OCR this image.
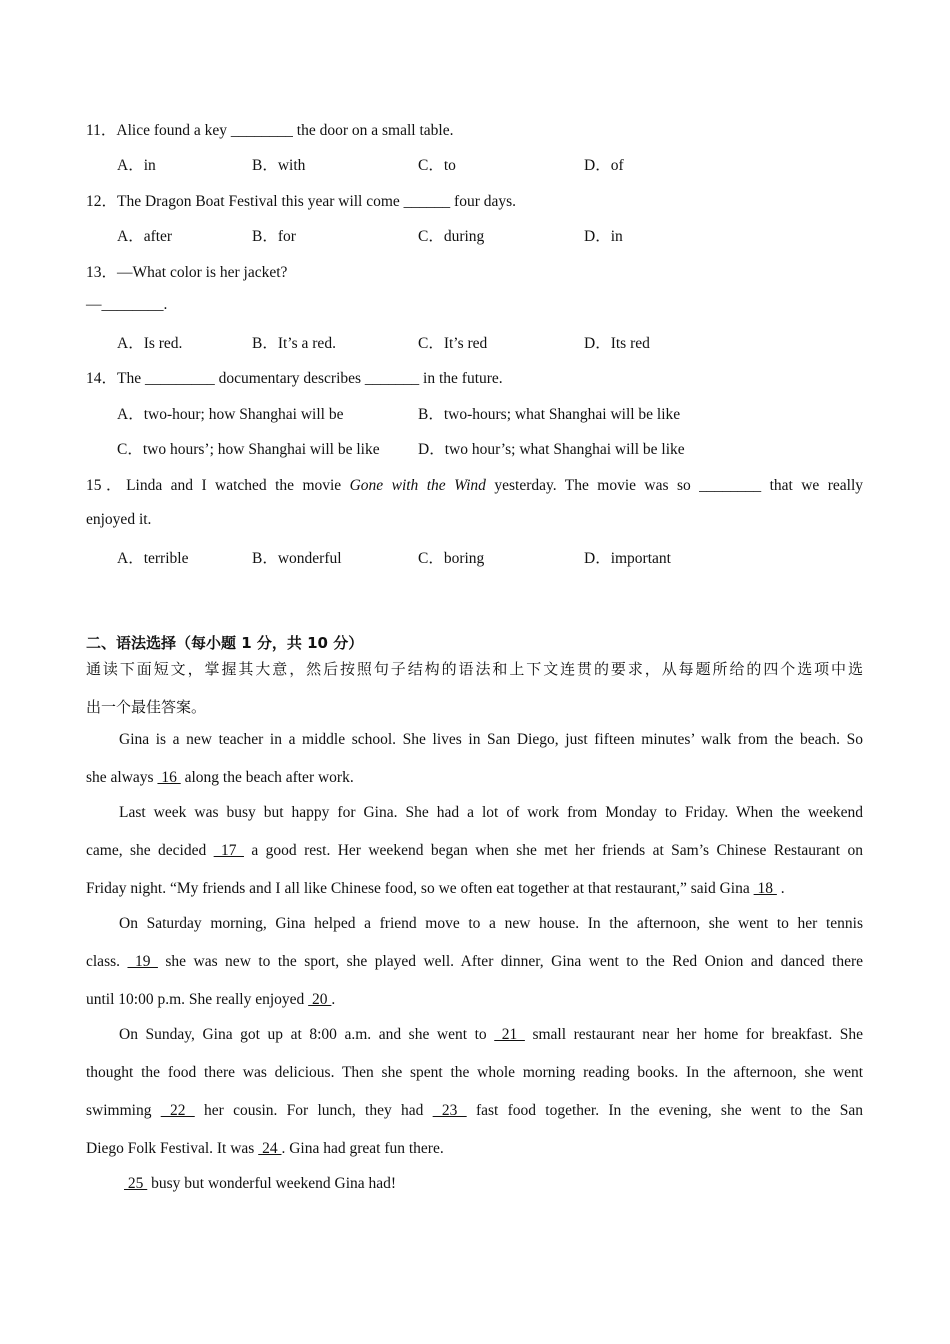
11．Alice found a key ________ the door on a small table.
A．in	B．with	C．to	D．of
12．The Dragon Boat Festival this year will come ______ four days.
A．after	B．for	C．during	D．in
13．—What color is her jacket?
—________.
A．Is red.	B．It’s a red.	C．It’s red	D．Its red
14．The _________ documentary describes _______ in the future.
A．two-hour; how Shanghai will be	B．two-hours; what Shanghai will be like
C．two hours’; how Shanghai will be like D．two hour’s; what Shanghai will be like
15．Linda and I watched the movie Gone with the Wind yesterday. The movie was so ________ that we really
enjoyed it.
A．terrible	B．wonderful	C．boring	D．important
二、语法选择（每小题 1 分，共 10 分）
通读下面短文，掌握其大意，然后按照句子结构的语法和上下文连贯的要求，从每题所给的四个选项中选
出一个最佳答案。
Gina is a new teacher in a middle school. She lives in San Diego, just fifteen minutes’ walk from the beach. So
she always  16  along the beach after work.
Last week was busy but happy for Gina. She had a lot of work from Monday to Friday. When the weekend
came, she decided  17  a good rest. Her weekend began when she met her friends at Sam’s Chinese Restaurant on
Friday night. “My friends and I all like Chinese food, so we often eat together at that restaurant,” said Gina  18  .
On Saturday morning, Gina helped a friend move to a new house. In the afternoon, she went to her tennis
class.  19  she was new to the sport, she played well. After dinner, Gina went to the Red Onion and danced there
until 10:00 p.m. She really enjoyed  20 .
On Sunday, Gina got up at 8:00 a.m. and she went to  21  small restaurant near her home for breakfast. She
thought the food there was delicious. Then she spent the whole morning reading books. In the afternoon, she went
swimming  22  her cousin. For lunch, they had  23  fast food together. In the evening, she went to the San
Diego Folk Festival. It was  24 . Gina had great fun there.
25  busy but wonderful weekend Gina had!
